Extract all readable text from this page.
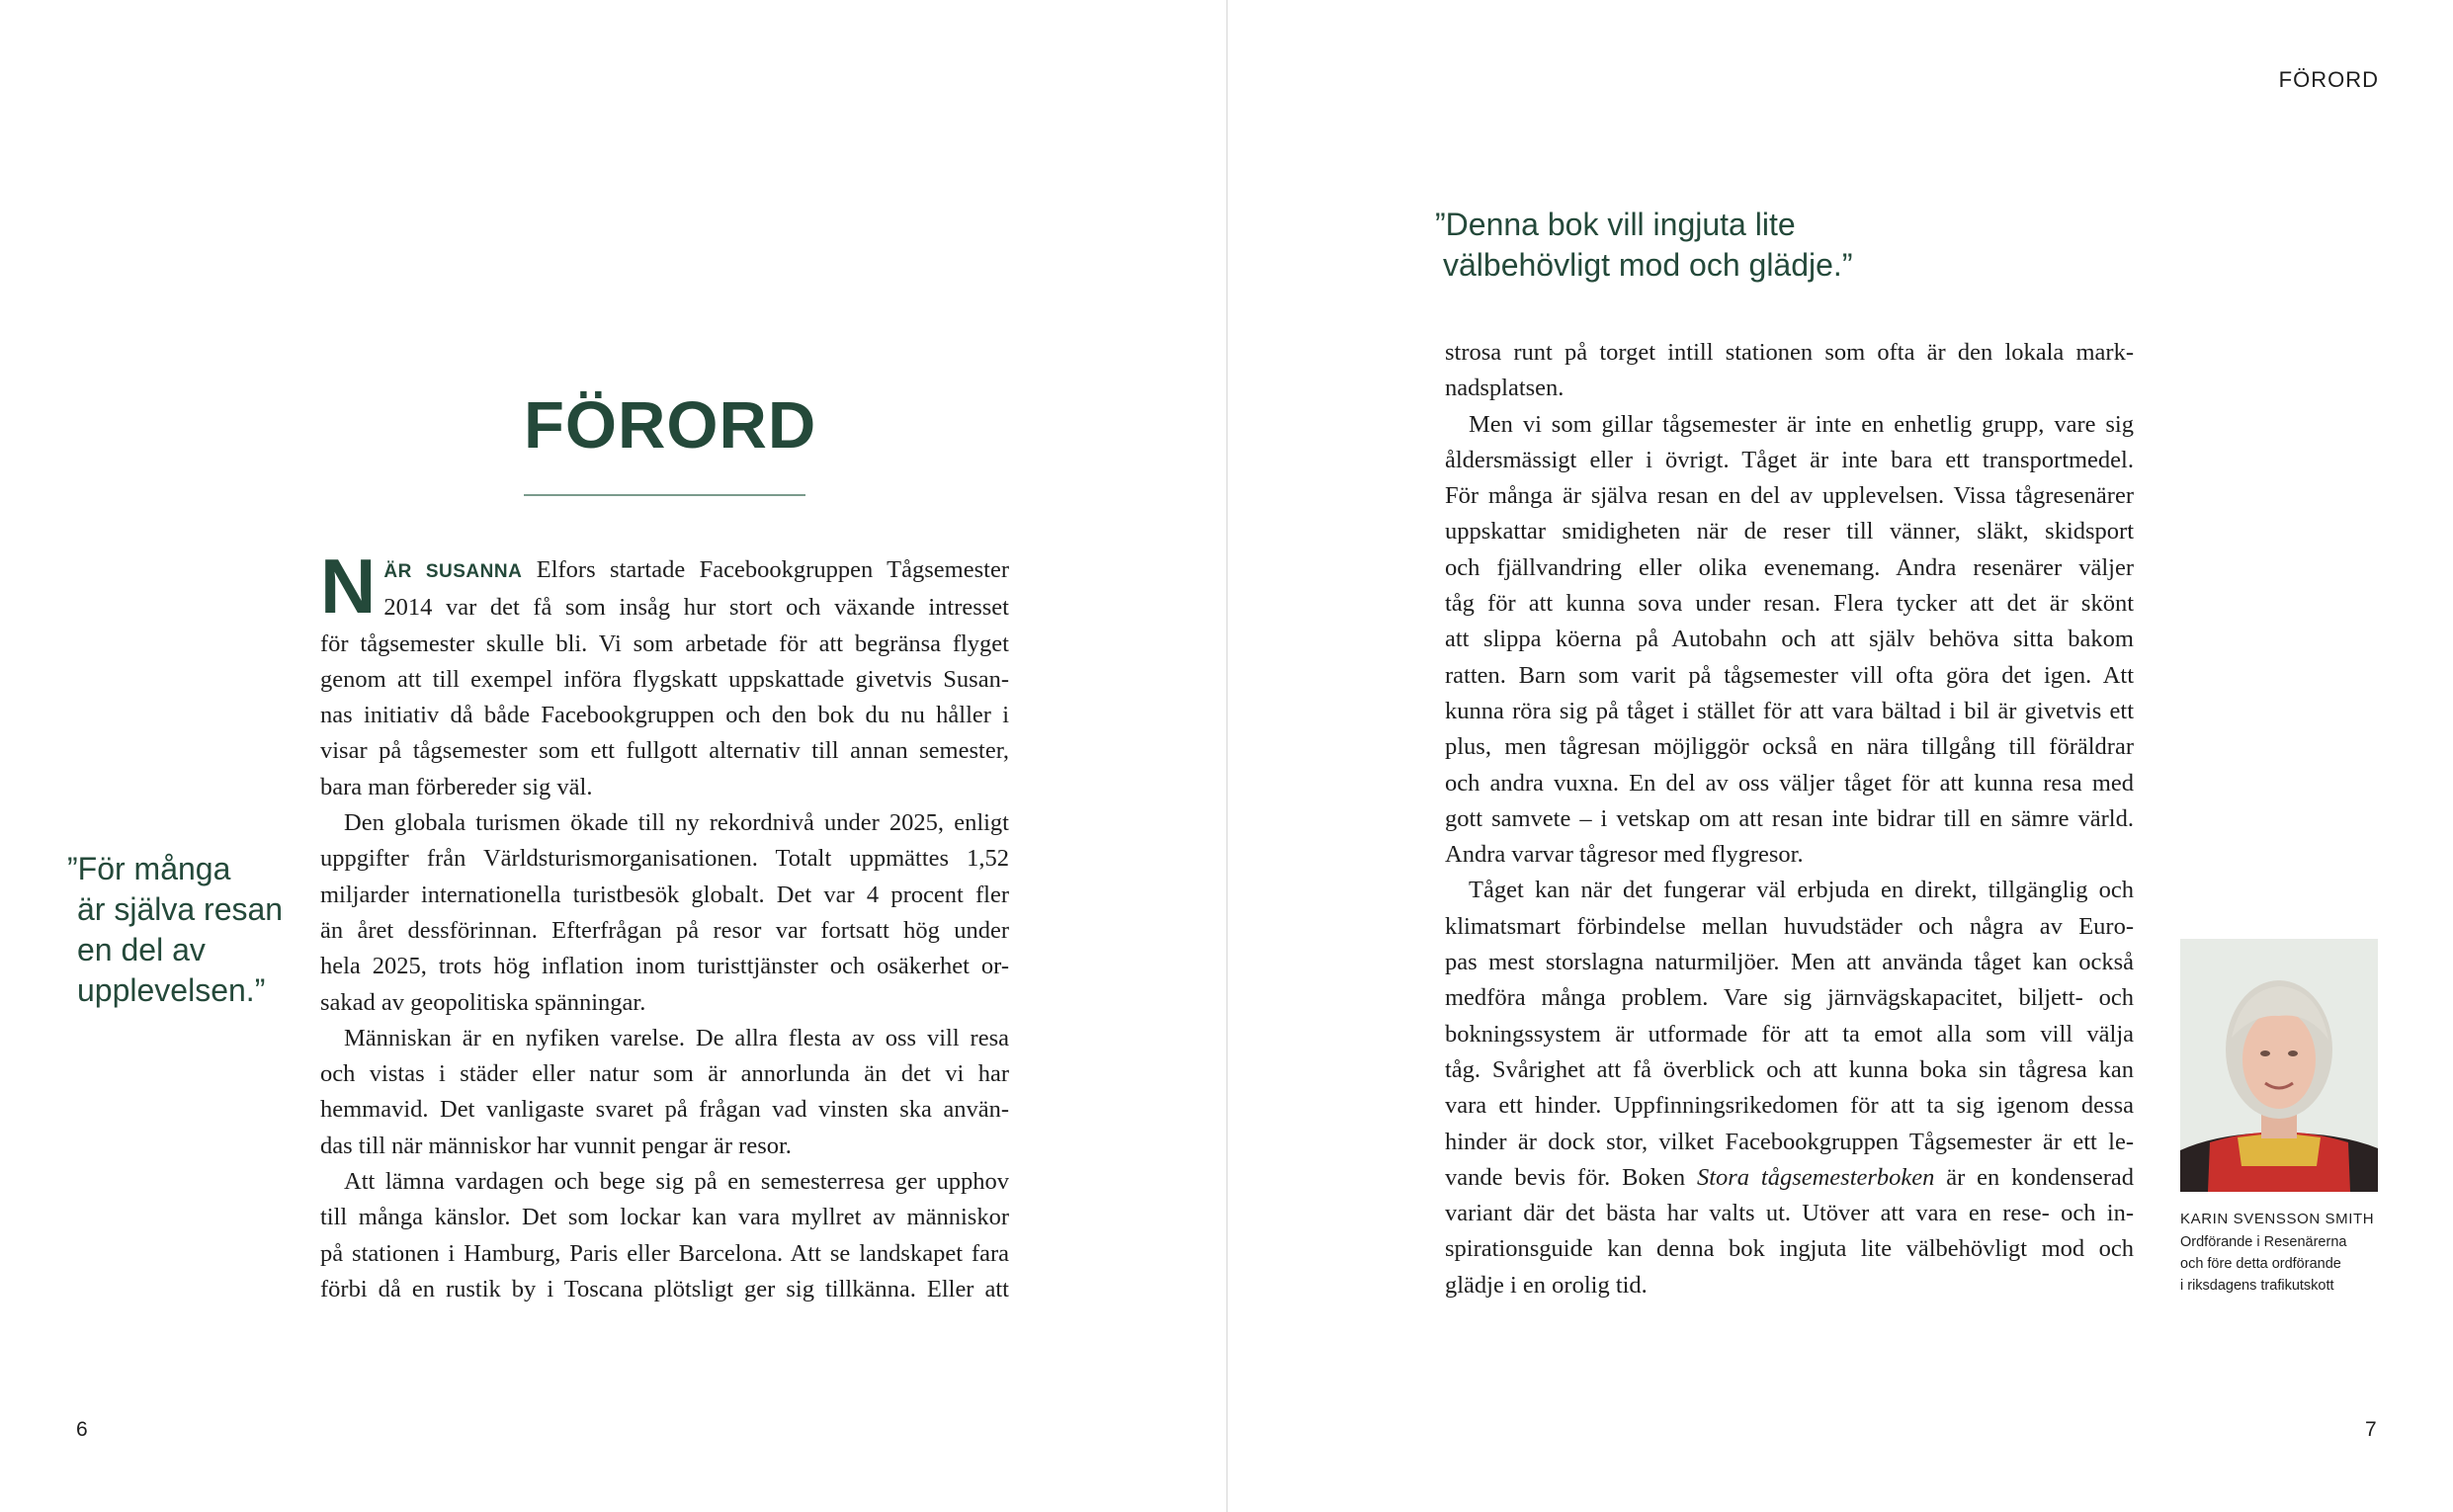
FÖRORD
”För många
är själva resan
en del av
upplevelsen.”
N ÄR SUSANNA Elfors startade Facebookgruppen Tågsemester
2014 var det få som insåg hur stort och växande intresset
för tågsemester skulle bli. Vi som arbetade för att begränsa flyget
genom att till exempel införa flygskatt uppskattade givetvis Susan-
nas initiativ då både Facebookgruppen och den bok du nu håller i
visar på tågsemester som ett fullgott alternativ till annan semester,
bara man förbereder sig väl.
Den globala turismen ökade till ny rekordnivå under 2025, enligt
uppgifter från Världsturismorganisationen. Totalt uppmättes 1,52
miljarder internationella turistbesök globalt. Det var 4 procent fler
än året dessförinnan. Efterfrågan på resor var fortsatt hög under
hela 2025, trots hög inflation inom turisttjänster och osäkerhet or-
sakad av geopolitiska spänningar.
Människan är en nyfiken varelse. De allra flesta av oss vill resa
och vistas i städer eller natur som är annorlunda än det vi har
hemmavid. Det vanligaste svaret på frågan vad vinsten ska använ-
das till när människor har vunnit pengar är resor.
Att lämna vardagen och bege sig på en semesterresa ger upphov
till många känslor. Det som lockar kan vara myllret av människor
på stationen i Hamburg, Paris eller Barcelona. Att se landskapet fara
förbi då en rustik by i Toscana plötsligt ger sig tillkänna. Eller att
6
FÖRORD
7
”Denna bok vill ingjuta lite
välbehövligt mod och glädje.”
strosa runt på torget intill stationen som ofta är den lokala mark-
nadsplatsen.
Men vi som gillar tågsemester är inte en enhetlig grupp, vare sig
åldersmässigt eller i övrigt. Tåget är inte bara ett transportmedel.
För många är själva resan en del av upplevelsen. Vissa tågresenärer
uppskattar smidigheten när de reser till vänner, släkt, skidsport
och fjällvandring eller olika evenemang. Andra resenärer väljer
tåg för att kunna sova under resan. Flera tycker att det är skönt
att slippa köerna på Autobahn och att själv behöva sitta bakom
ratten. Barn som varit på tågsemester vill ofta göra det igen. Att
kunna röra sig på tåget i stället för att vara bältad i bil är givetvis ett
plus, men tågresan möjliggör också en nära tillgång till föräldrar
och andra vuxna. En del av oss väljer tåget för att kunna resa med
gott samvete – i vetskap om att resan inte bidrar till en sämre värld.
Andra varvar tågresor med flygresor.
Tåget kan när det fungerar väl erbjuda en direkt, tillgänglig och
klimatsmart förbindelse mellan huvudstäder och några av Euro-
pas mest storslagna naturmiljöer. Men att använda tåget kan också
medföra många problem. Vare sig järnvägskapacitet, biljett- och
bokningssystem är utformade för att ta emot alla som vill välja
tåg. Svårighet att få överblick och att kunna boka sin tågresa kan
vara ett hinder. Uppfinningsrikedomen för att ta sig igenom dessa
hinder är dock stor, vilket Facebookgruppen Tågsemester är ett le-
vande bevis för. Boken Stora tågsemesterboken är en kondenserad
variant där det bästa har valts ut. Utöver att vara en rese- och in-
spirationsguide kan denna bok ingjuta lite välbehövligt mod och
glädje i en orolig tid.
KARIN SVENSSON SMITH
Ordförande i Resenärerna
och före detta ordförande
i riksdagens trafikutskott
